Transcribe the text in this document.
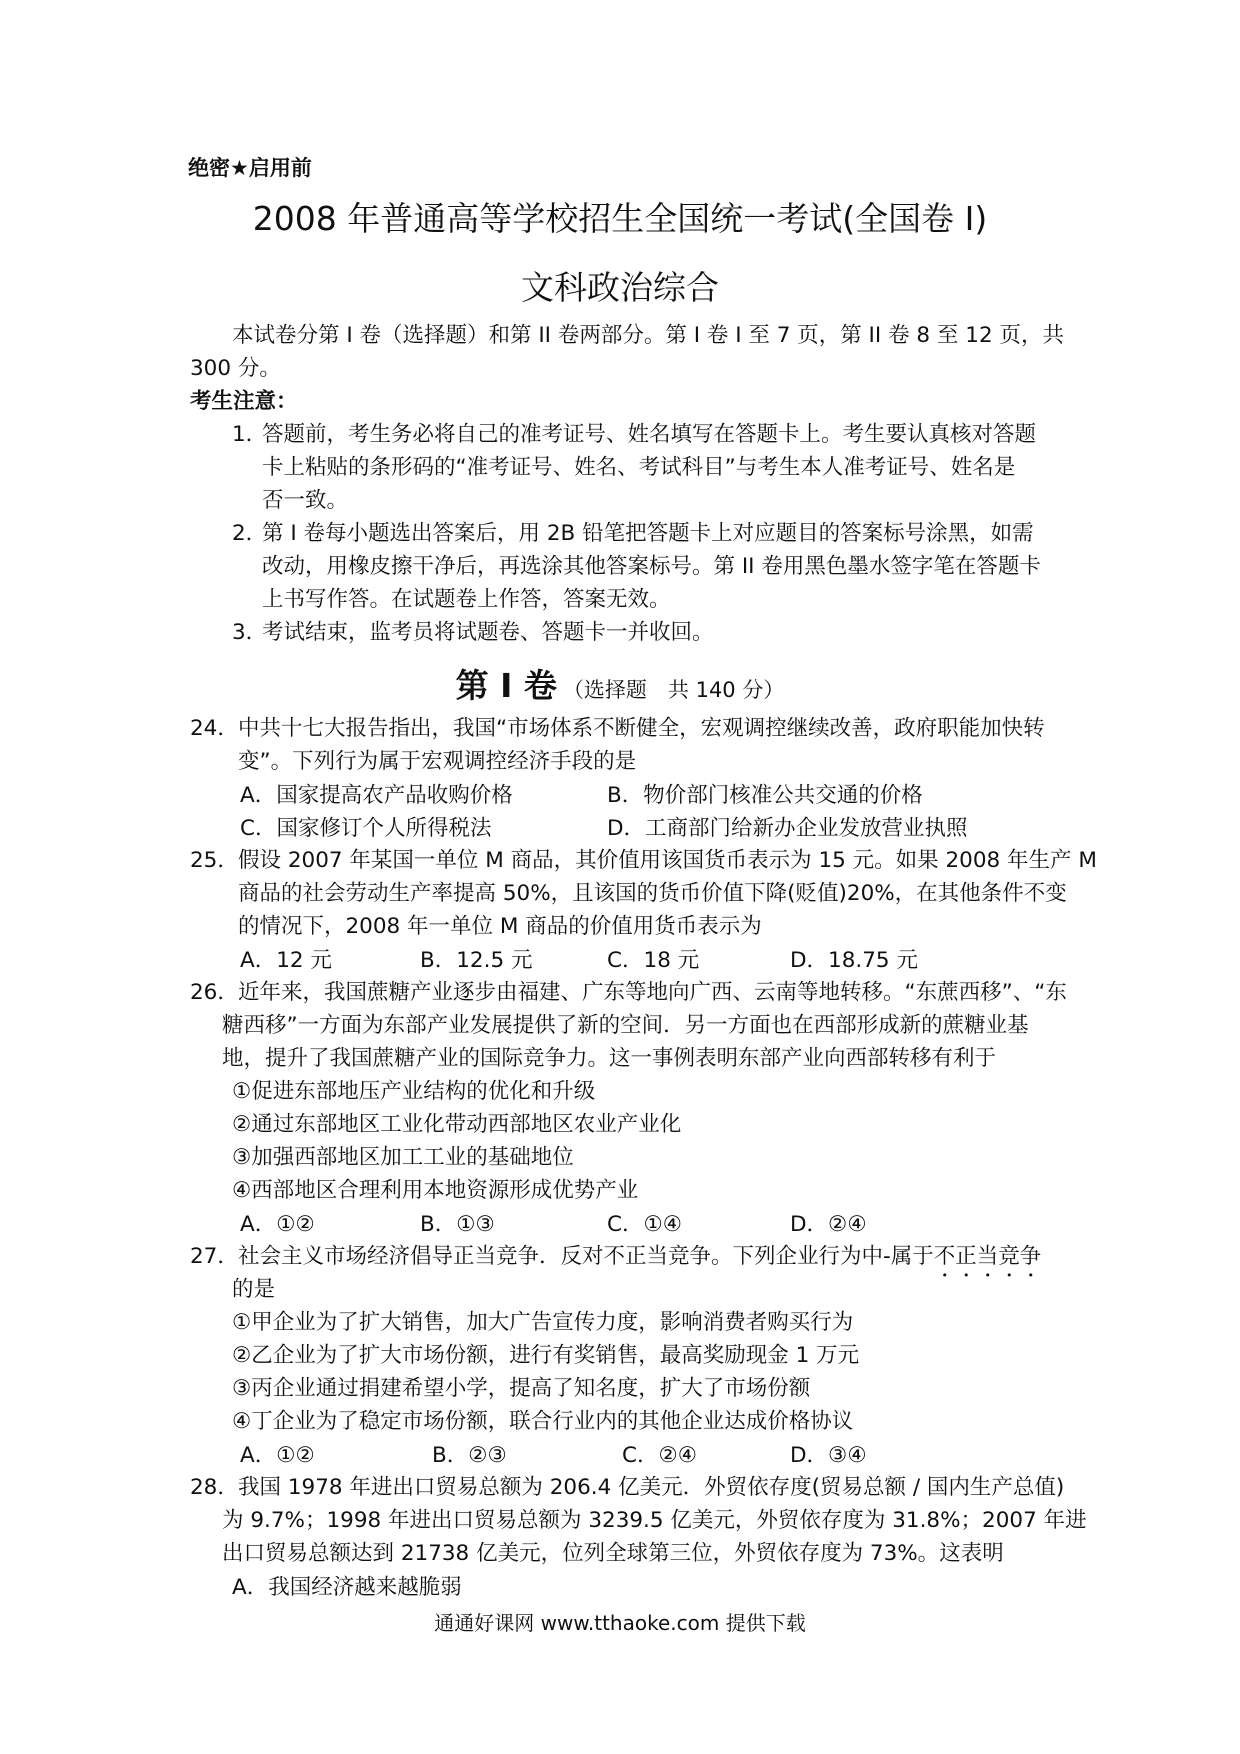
绝密★启用前
2008 年普通高等学校招生全国统一考试(全国卷 I)
文科政治综合
本试卷分第 I 卷（选择题）和第 II 卷两部分。第 I 卷 I 至 7 页，第 II 卷 8 至 12 页，共
300 分。
考生注意：
1．答题前，考生务必将自己的准考证号、姓名填写在答题卡上。考生要认真核对答题
卡上粘贴的条形码的“准考证号、姓名、考试科目”与考生本人准考证号、姓名是
否一致。
2．第 I 卷每小题选出答案后，用 2B 铅笔把答题卡上对应题目的答案标号涂黑，如需
改动，用橡皮擦干净后，再选涂其他答案标号。第 II 卷用黑色墨水签字笔在答题卡
上书写作答。在试题卷上作答，答案无效。
3．考试结束，监考员将试题卷、答题卡一并收回。
第 I 卷 （选择题　共 140 分）
24．中共十七大报告指出，我国“市场体系不断健全，宏观调控继续改善，政府职能加快转
变”。下列行为属于宏观调控经济手段的是
A．国家提高农产品收购价格	B．物价部门核准公共交通的价格
C．国家修订个人所得税法	D．工商部门给新办企业发放营业执照
25．假设 2007 年某国一单位 M 商品，其价值用该国货币表示为 15 元。如果 2008 年生产 M
商品的社会劳动生产率提高 50%，且该国的货币价值下降(贬值)20%，在其他条件不变
的情况下，2008 年一单位 M 商品的价值用货币表示为
A．12 元	B．12.5 元	C．18 元	D．18.75 元
26．近年来，我国蔗糖产业逐步由福建、广东等地向广西、云南等地转移。“东蔗西移”、“东
糖西移”一方面为东部产业发展提供了新的空间．另一方面也在西部形成新的蔗糖业基
地，提升了我国蔗糖产业的国际竞争力。这一事例表明东部产业向西部转移有利于
①促进东部地压产业结构的优化和升级
②通过东部地区工业化带动西部地区农业产业化
③加强西部地区加工工业的基础地位
④西部地区合理利用本地资源形成优势产业
A．①②	B．①③	C．①④	D．②④
27．社会主义市场经济倡导正当竞争．反对不正当竞争。下列企业行为中-属于不正当竞争
的是
①甲企业为了扩大销售，加大广告宣传力度，影响消费者购买行为
②乙企业为了扩大市场份额，进行有奖销售，最高奖励现金 1 万元
③丙企业通过捐建希望小学，提高了知名度，扩大了市场份额
④丁企业为了稳定市场份额，联合行业内的其他企业达成价格协议
A．①②	B．②③	C．②④	D．③④
28．我国 1978 年进出口贸易总额为 206.4 亿美元．外贸依存度(贸易总额 / 国内生产总值)
为 9.7%；1998 年进出口贸易总额为 3239.5 亿美元，外贸依存度为 31.8%；2007 年进
出口贸易总额达到 21738 亿美元，位列全球第三位，外贸依存度为 73%。这表明
A．我国经济越来越脆弱
通通好课网 www.tthaoke.com 提供下载
